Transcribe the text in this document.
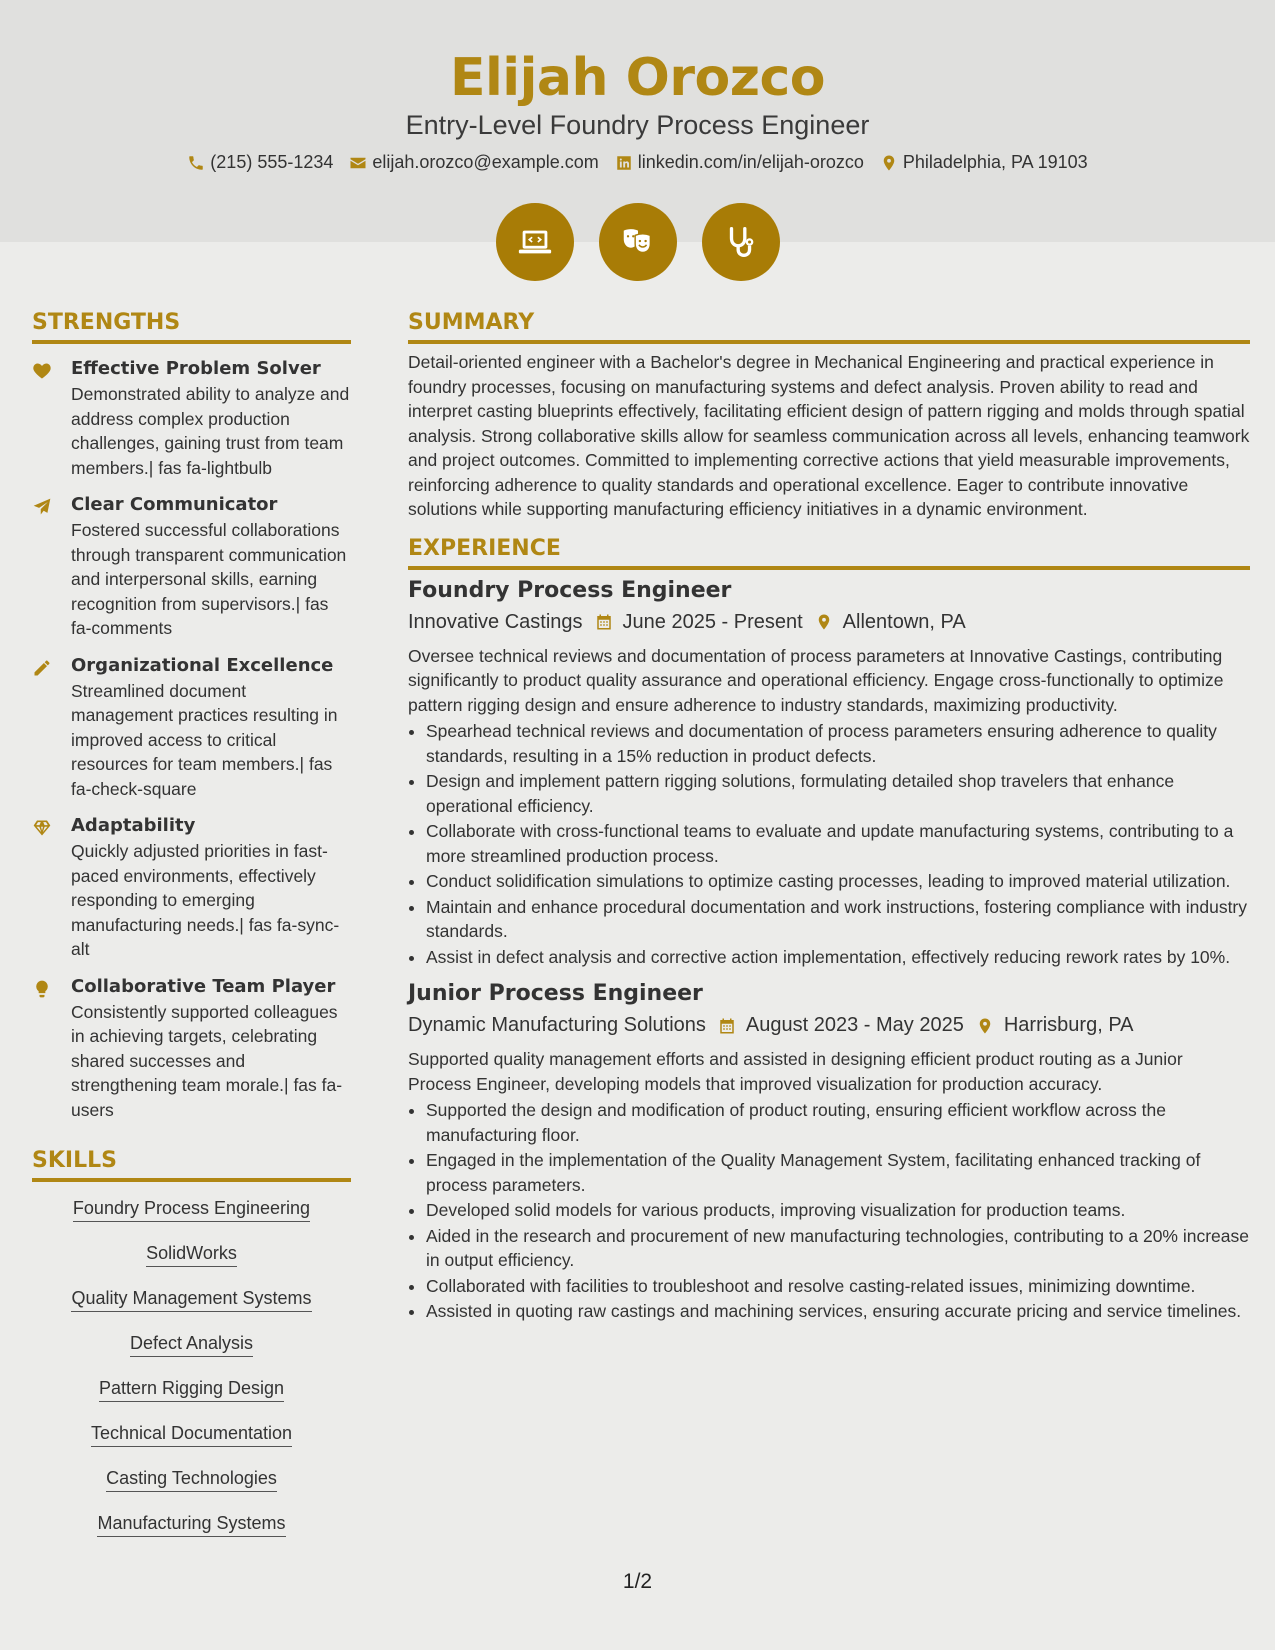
Elijah Orozco
Entry-Level Foundry Process Engineer
(215) 555-1234 elijah.orozco@example.com linkedin.com/in/elijah-orozco Philadelphia, PA 19103
STRENGTHS
Effective Problem Solver
Demonstrated ability to analyze and address complex production challenges, gaining trust from team members.| fas fa-lightbulb
Clear Communicator
Fostered successful collaborations through transparent communication and interpersonal skills, earning recognition from supervisors.| fas fa-comments
Organizational Excellence
Streamlined document management practices resulting in improved access to critical resources for team members.| fas fa-check-square
Adaptability
Quickly adjusted priorities in fast-paced environments, effectively responding to emerging manufacturing needs.| fas fa-sync-alt
Collaborative Team Player
Consistently supported colleagues in achieving targets, celebrating shared successes and strengthening team morale.| fas fa-users
SKILLS
Foundry Process Engineering
SolidWorks
Quality Management Systems
Defect Analysis
Pattern Rigging Design
Technical Documentation
Casting Technologies
Manufacturing Systems
SUMMARY
Detail-oriented engineer with a Bachelor's degree in Mechanical Engineering and practical experience in foundry processes, focusing on manufacturing systems and defect analysis. Proven ability to read and interpret casting blueprints effectively, facilitating efficient design of pattern rigging and molds through spatial analysis. Strong collaborative skills allow for seamless communication across all levels, enhancing teamwork and project outcomes. Committed to implementing corrective actions that yield measurable improvements, reinforcing adherence to quality standards and operational excellence. Eager to contribute innovative solutions while supporting manufacturing efficiency initiatives in a dynamic environment.
EXPERIENCE
Foundry Process Engineer
Innovative Castings June 2025 - Present Allentown, PA
Oversee technical reviews and documentation of process parameters at Innovative Castings, contributing significantly to product quality assurance and operational efficiency. Engage cross-functionally to optimize pattern rigging design and ensure adherence to industry standards, maximizing productivity.
• Spearhead technical reviews and documentation of process parameters ensuring adherence to quality standards, resulting in a 15% reduction in product defects.
• Design and implement pattern rigging solutions, formulating detailed shop travelers that enhance operational efficiency.
• Collaborate with cross-functional teams to evaluate and update manufacturing systems, contributing to a more streamlined production process.
• Conduct solidification simulations to optimize casting processes, leading to improved material utilization.
• Maintain and enhance procedural documentation and work instructions, fostering compliance with industry standards.
• Assist in defect analysis and corrective action implementation, effectively reducing rework rates by 10%.
Junior Process Engineer
Dynamic Manufacturing Solutions August 2023 - May 2025 Harrisburg, PA
Supported quality management efforts and assisted in designing efficient product routing as a Junior Process Engineer, developing models that improved visualization for production accuracy.
• Supported the design and modification of product routing, ensuring efficient workflow across the manufacturing floor.
• Engaged in the implementation of the Quality Management System, facilitating enhanced tracking of process parameters.
• Developed solid models for various products, improving visualization for production teams.
• Aided in the research and procurement of new manufacturing technologies, contributing to a 20% increase in output efficiency.
• Collaborated with facilities to troubleshoot and resolve casting-related issues, minimizing downtime.
• Assisted in quoting raw castings and machining services, ensuring accurate pricing and service timelines.
1/2
